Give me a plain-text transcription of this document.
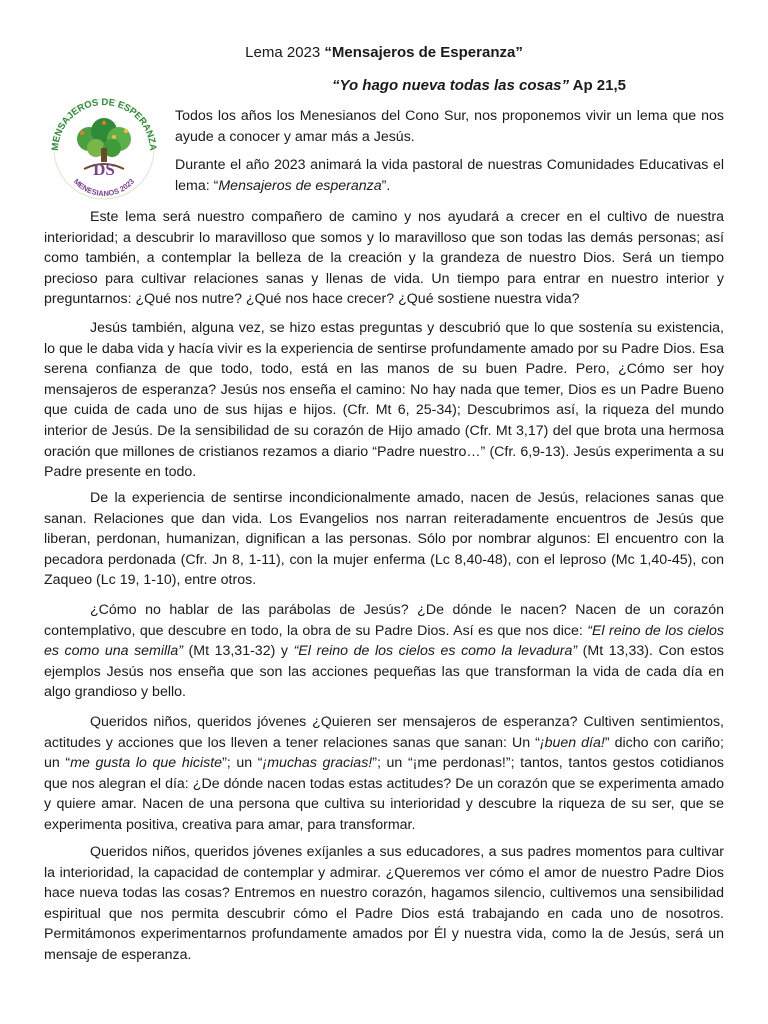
Lema 2023 “Mensajeros de Esperanza”
“Yo hago nueva todas las cosas” Ap 21,5
MENSAJEROS DE ESPERANZA
DS
MENESIANOS 2023

Todos los años los Menesianos del Cono Sur, nos proponemos vivir un lema que nos ayude a conocer y amar más a Jesús.

Durante el año 2023 animará la vida pastoral de nuestras Comunidades Educativas el lema: “Mensajeros de esperanza”.

Este lema será nuestro compañero de camino y nos ayudará a crecer en el cultivo de nuestra interioridad; a descubrir lo maravilloso que somos y lo maravilloso que son todas las demás personas; así como también, a contemplar la belleza de la creación y la grandeza de nuestro Dios. Será un tiempo precioso para cultivar relaciones sanas y llenas de vida. Un tiempo para entrar en nuestro interior y preguntarnos: ¿Qué nos nutre? ¿Qué nos hace crecer? ¿Qué sostiene nuestra vida?

Jesús también, alguna vez, se hizo estas preguntas y descubrió que lo que sostenía su existencia, lo que le daba vida y hacía vivir es la experiencia de sentirse profundamente amado por su Padre Dios. Esa serena confianza de que todo, todo, está en las manos de su buen Padre. Pero, ¿Cómo ser hoy mensajeros de esperanza? Jesús nos enseña el camino: No hay nada que temer, Dios es un Padre Bueno que cuida de cada uno de sus hijas e hijos. (Cfr. Mt 6, 25-34); Descubrimos así, la riqueza del mundo interior de Jesús. De la sensibilidad de su corazón de Hijo amado (Cfr. Mt 3,17) del que brota una hermosa oración que millones de cristianos rezamos a diario “Padre nuestro…” (Cfr. 6,9-13). Jesús experimenta a su Padre presente en todo.

De la experiencia de sentirse incondicionalmente amado, nacen de Jesús, relaciones sanas que sanan. Relaciones que dan vida. Los Evangelios nos narran reiteradamente encuentros de Jesús que liberan, perdonan, humanizan, dignifican a las personas. Sólo por nombrar algunos: El encuentro con la pecadora perdonada (Cfr. Jn 8, 1-11), con la mujer enferma (Lc 8,40-48), con el leproso (Mc 1,40-45), con Zaqueo (Lc 19, 1-10), entre otros.

¿Cómo no hablar de las parábolas de Jesús? ¿De dónde le nacen? Nacen de un corazón contemplativo, que descubre en todo, la obra de su Padre Dios. Así es que nos dice: “El reino de los cielos es como una semilla” (Mt 13,31-32) y “El reino de los cielos es como la levadura” (Mt 13,33). Con estos ejemplos Jesús nos enseña que son las acciones pequeñas las que transforman la vida de cada día en algo grandioso y bello.

Queridos niños, queridos jóvenes ¿Quieren ser mensajeros de esperanza? Cultiven sentimientos, actitudes y acciones que los lleven a tener relaciones sanas que sanan: Un “¡buen día!” dicho con cariño; un “me gusta lo que hiciste”; un “¡muchas gracias!”; un “¡me perdonas!”; tantos, tantos gestos cotidianos que nos alegran el día: ¿De dónde nacen todas estas actitudes? De un corazón que se experimenta amado y quiere amar. Nacen de una persona que cultiva su interioridad y descubre la riqueza de su ser, que se experimenta positiva, creativa para amar, para transformar.

Queridos niños, queridos jóvenes exíjanles a sus educadores, a sus padres momentos para cultivar la interioridad, la capacidad de contemplar y admirar. ¿Queremos ver cómo el amor de nuestro Padre Dios hace nueva todas las cosas? Entremos en nuestro corazón, hagamos silencio, cultivemos una sensibilidad espiritual que nos permita descubrir cómo el Padre Dios está trabajando en cada uno de nosotros. Permitámonos experimentarnos profundamente amados por Él y nuestra vida, como la de Jesús, será un mensaje de esperanza.
